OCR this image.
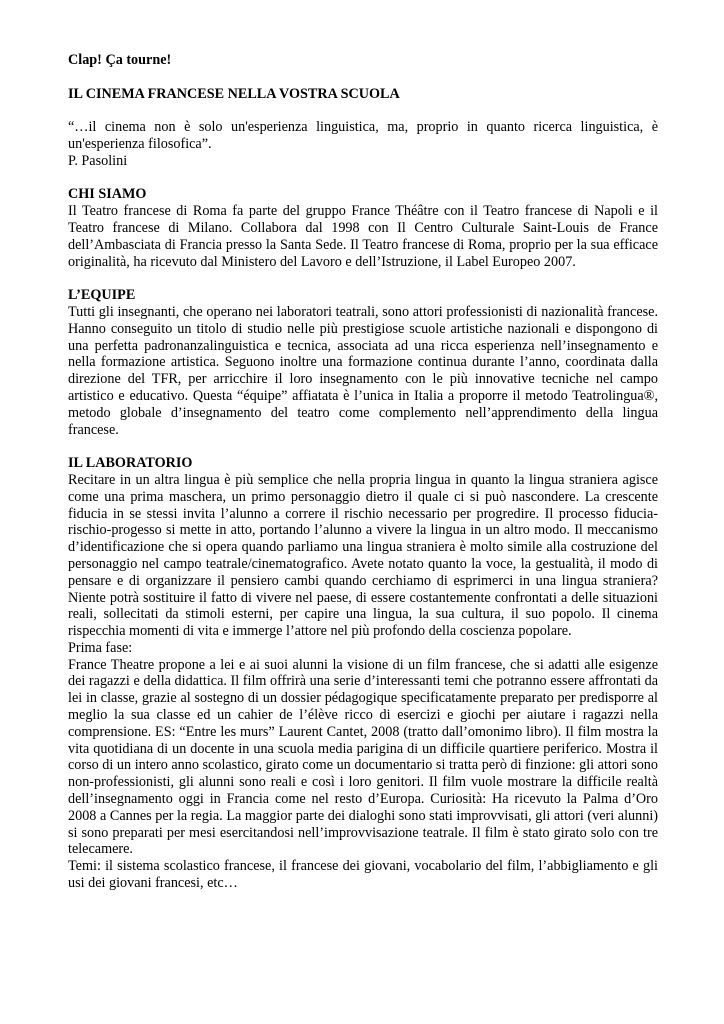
Clap! Ça tourne!

IL CINEMA FRANCESE NELLA VOSTRA SCUOLA

“…il cinema non è solo un'esperienza linguistica, ma, proprio in quanto ricerca linguistica, è un'esperienza filosofica”.

P. Pasolini

CHI SIAMO

Il Teatro francese di Roma fa parte del gruppo France Théâtre con il Teatro francese di Napoli e il Teatro francese di Milano. Collabora dal 1998 con Il Centro Culturale Saint-Louis de France dell’Ambasciata di Francia presso la Santa Sede. Il Teatro francese di Roma, proprio per la sua efficace originalità, ha ricevuto dal Ministero del Lavoro e dell’Istruzione, il Label Europeo 2007.

L’EQUIPE

Tutti gli insegnanti, che operano nei laboratori teatrali, sono attori professionisti di nazionalità francese. Hanno conseguito un titolo di studio nelle più prestigiose scuole artistiche nazionali e dispongono di una perfetta padronanzalinguistica e tecnica, associata ad una ricca esperienza nell’insegnamento e nella formazione artistica. Seguono inoltre una formazione continua durante l’anno, coordinata dalla direzione del TFR, per arricchire il loro insegnamento con le più innovative tecniche nel campo artistico e educativo. Questa “équipe” affiatata è l’unica in Italia a proporre il metodo Teatrolingua®, metodo globale d’insegnamento del teatro come complemento nell’apprendimento della lingua francese.

IL LABORATORIO

Recitare in un altra lingua è più semplice che nella propria lingua in quanto la lingua straniera agisce come una prima maschera, un primo personaggio dietro il quale ci si può nascondere. La crescente fiducia in se stessi invita l’alunno a correre il rischio necessario per progredire. Il processo fiducia-rischio-progesso si mette in atto, portando l’alunno a vivere la lingua in un altro modo. Il meccanismo d’identificazione che si opera quando parliamo una lingua straniera è molto simile alla costruzione del personaggio nel campo teatrale/cinematografico. Avete notato quanto la voce, la gestualità, il modo di pensare e di organizzare il pensiero cambi quando cerchiamo di esprimerci in una lingua straniera? Niente potrà sostituire il fatto di vivere nel paese, di essere costantemente confrontati a delle situazioni reali, sollecitati da stimoli esterni, per capire una lingua, la sua cultura, il suo popolo. Il cinema rispecchia momenti di vita e immerge l’attore nel più profondo della coscienza popolare.

Prima fase:

France Theatre propone a lei e ai suoi alunni la visione di un film francese, che si adatti alle esigenze dei ragazzi e della didattica. Il film offrirà una serie d’interessanti temi che potranno essere affrontati da lei in classe, grazie al sostegno di un dossier pédagogique specificatamente preparato per predisporre al meglio la sua classe ed un cahier de l’élève ricco di esercizi e giochi per aiutare i ragazzi nella comprensione. ES: “Entre les murs” Laurent Cantet, 2008 (tratto dall’omonimo libro). Il film mostra la vita quotidiana di un docente in una scuola media parigina di un difficile quartiere periferico. Mostra il corso di un intero anno scolastico, girato come un documentario si tratta però di finzione: gli attori sono non-professionisti, gli alunni sono reali e così i loro genitori. Il film vuole mostrare la difficile realtà dell’insegnamento oggi in Francia come nel resto d’Europa. Curiosità: Ha ricevuto la Palma d’Oro 2008 a Cannes per la regia. La maggior parte dei dialoghi sono stati improvvisati, gli attori (veri alunni) si sono preparati per mesi esercitandosi nell’improvvisazione teatrale. Il film è stato girato solo con tre telecamere.

Temi: il sistema scolastico francese, il francese dei giovani, vocabolario del film, l’abbigliamento e gli usi dei giovani francesi, etc…
